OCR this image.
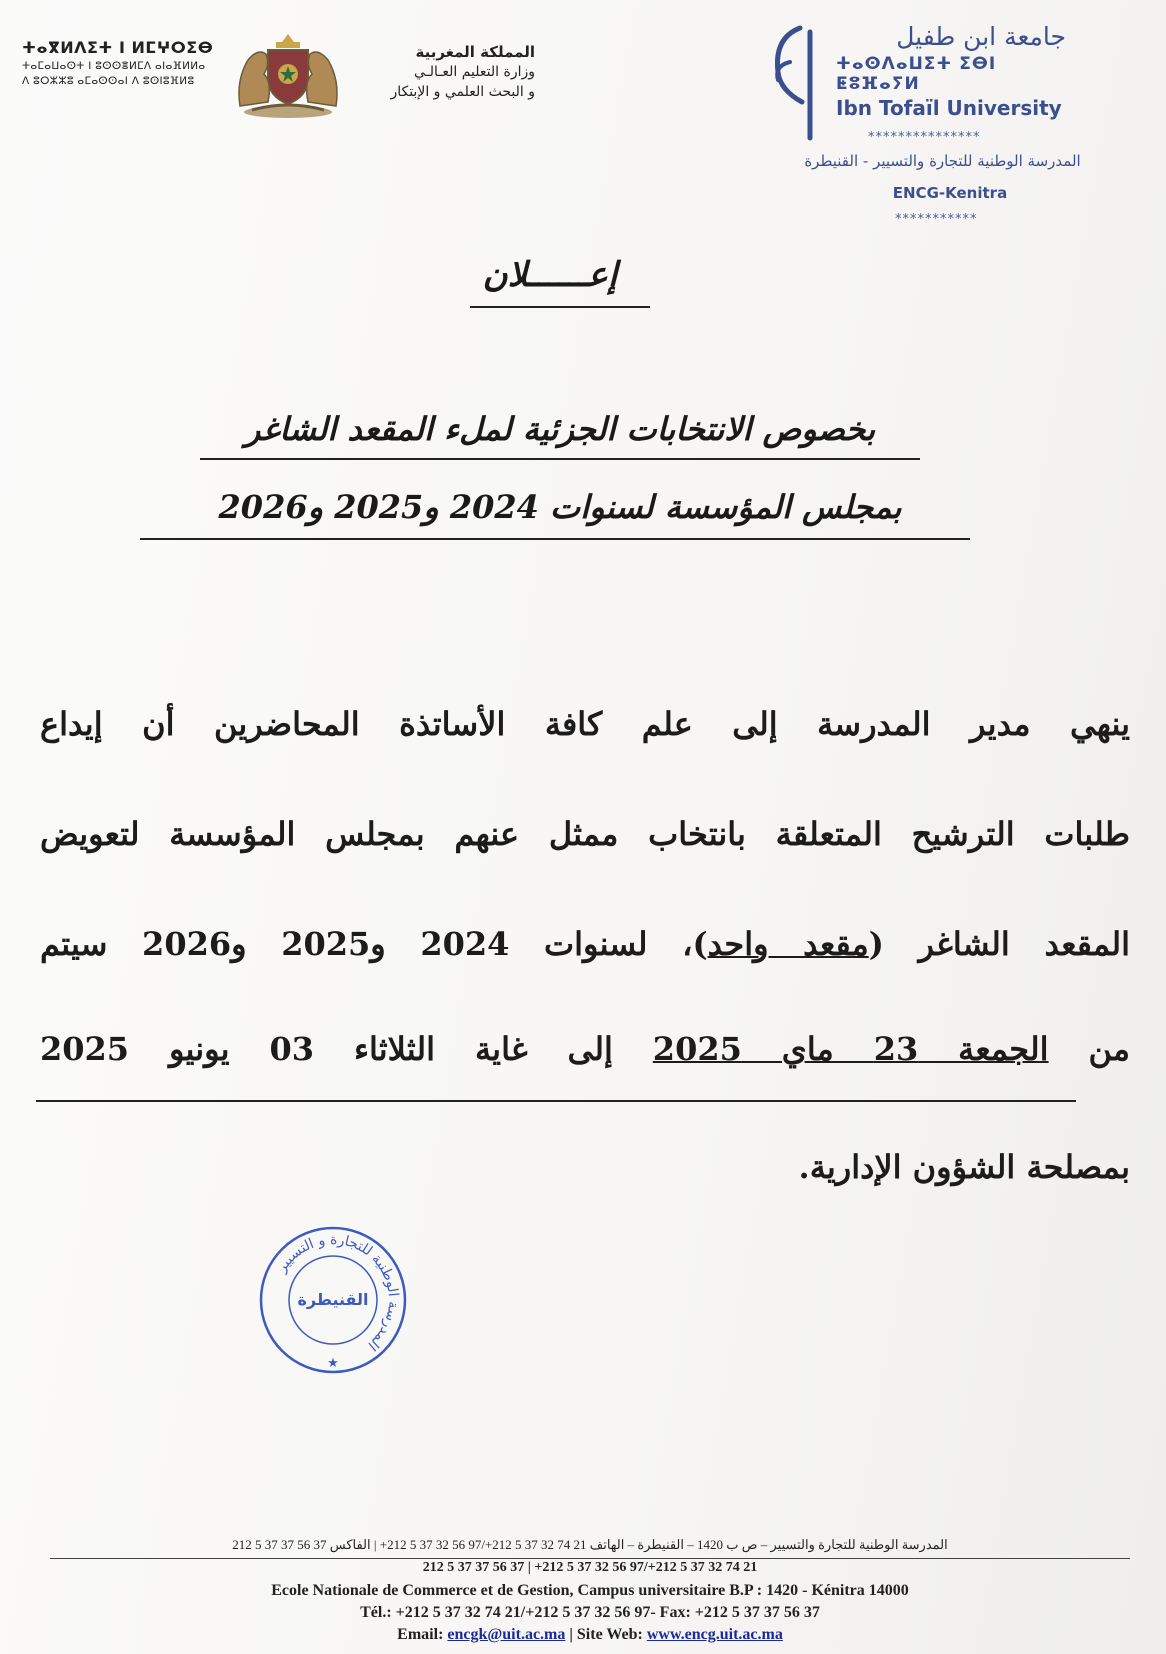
ⵜⴰⴳⵍⴷⵉⵜ ⵏ ⵍⵎⵖⵔⵉⴱ
ⵜⴰⵎⴰⵡⴰⵙⵜ ⵏ ⵓⵙⵙⴻⵍⵎⴷ ⴰⵏⴰⴼⵍⵍⴰ
ⴷ ⵓⵔⵣⵣⵓ ⴰⵎⴰⵙⵙⴰⵏ ⴷ ⵓⵙⵏⵓⴼⵍⵓ
المملكة المغربية
وزارة التعليم العـالـي
و البحث العلمي و الإبتكار
جامعة ابن طفيل
ⵜⴰⵙⴷⴰⵡⵉⵜ ⵉⴱⵏ ⵟⵓⴼⴰⵢⵍ
Ibn Tofaïl University
***************
المدرسة الوطنية للتجارة والتسيير - القنيطرة
ENCG-Kenitra
***********
إعــــــلان
بخصوص الانتخابات الجزئية لملء المقعد الشاغر
بمجلس المؤسسة لسنوات 2024 و2025 و2026
ينهي مدير المدرسة إلى علم كافة الأساتذة المحاضرين أن إيداع
طلبات الترشيح المتعلقة بانتخاب ممثل عنهم بمجلس المؤسسة لتعويض
المقعد الشاغر (مقعد واحد)، لسنوات 2024 و2025 و2026 سيتم
من الجمعة 23 ماي 2025 إلى غاية الثلاثاء 03 يونيو 2025
بمصلحة الشؤون الإدارية.
المدرسة الوطنية للتجارة و التسيير
القنيطرة
★
المدرسة الوطنية للتجارة والتسيير – ص ب 1420 – القنيطرة – الهاتف 21 74 32 37 5 212+/97 56 32 37 5 212+ | الفاكس 37 56 37 37 5 212
212 5 37 37 56 37 | +212 5 37 32 56 97/+212 5 37 32 74 21
Ecole Nationale de Commerce et de Gestion, Campus universitaire B.P : 1420 - Kénitra 14000
Tél.: +212 5 37 32 74 21/+212 5 37 32 56 97- Fax: +212 5 37 37 56 37
Email: encgk@uit.ac.ma | Site Web: www.encg.uit.ac.ma
